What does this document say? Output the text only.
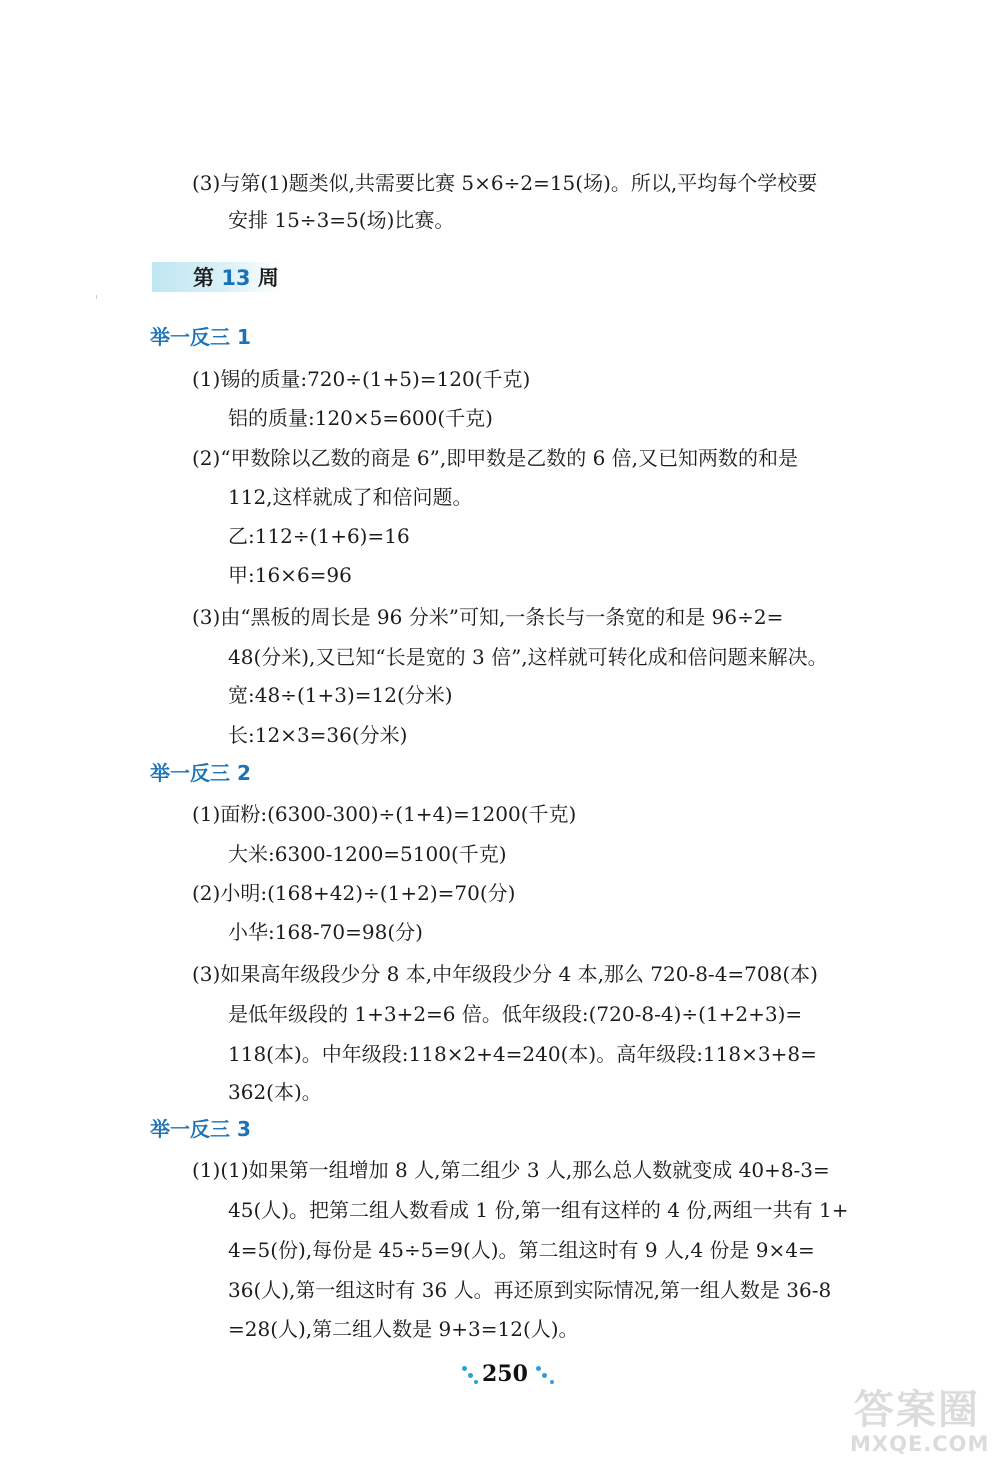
(3)与第(1)题类似,共需要比赛 5×6÷2=15(场)。所以,平均每个学校要
安排 15÷3=5(场)比赛。
第 13 周
举一反三 1
(1)锡的质量:720÷(1+5)=120(千克)
铝的质量:120×5=600(千克)
(2)“甲数除以乙数的商是 6”,即甲数是乙数的 6 倍,又已知两数的和是
112,这样就成了和倍问题。
乙:112÷(1+6)=16
甲:16×6=96
(3)由“黑板的周长是 96 分米”可知,一条长与一条宽的和是 96÷2=
48(分米),又已知“长是宽的 3 倍”,这样就可转化成和倍问题来解决。
宽:48÷(1+3)=12(分米)
长:12×3=36(分米)
举一反三 2
(1)面粉:(6300-300)÷(1+4)=1200(千克)
大米:6300-1200=5100(千克)
(2)小明:(168+42)÷(1+2)=70(分)
小华:168-70=98(分)
(3)如果高年级段少分 8 本,中年级段少分 4 本,那么 720-8-4=708(本)
是低年级段的 1+3+2=6 倍。低年级段:(720-8-4)÷(1+2+3)=
118(本)。中年级段:118×2+4=240(本)。高年级段:118×3+8=
362(本)。
举一反三 3
(1)(1)如果第一组增加 8 人,第二组少 3 人,那么总人数就变成 40+8-3=
45(人)。把第二组人数看成 1 份,第一组有这样的 4 份,两组一共有 1+
4=5(份),每份是 45÷5=9(人)。第二组这时有 9 人,4 份是 9×4=
36(人),第一组这时有 36 人。再还原到实际情况,第一组人数是 36-8
=28(人),第二组人数是 9+3=12(人)。
250
答案圈
MXQE.COM
